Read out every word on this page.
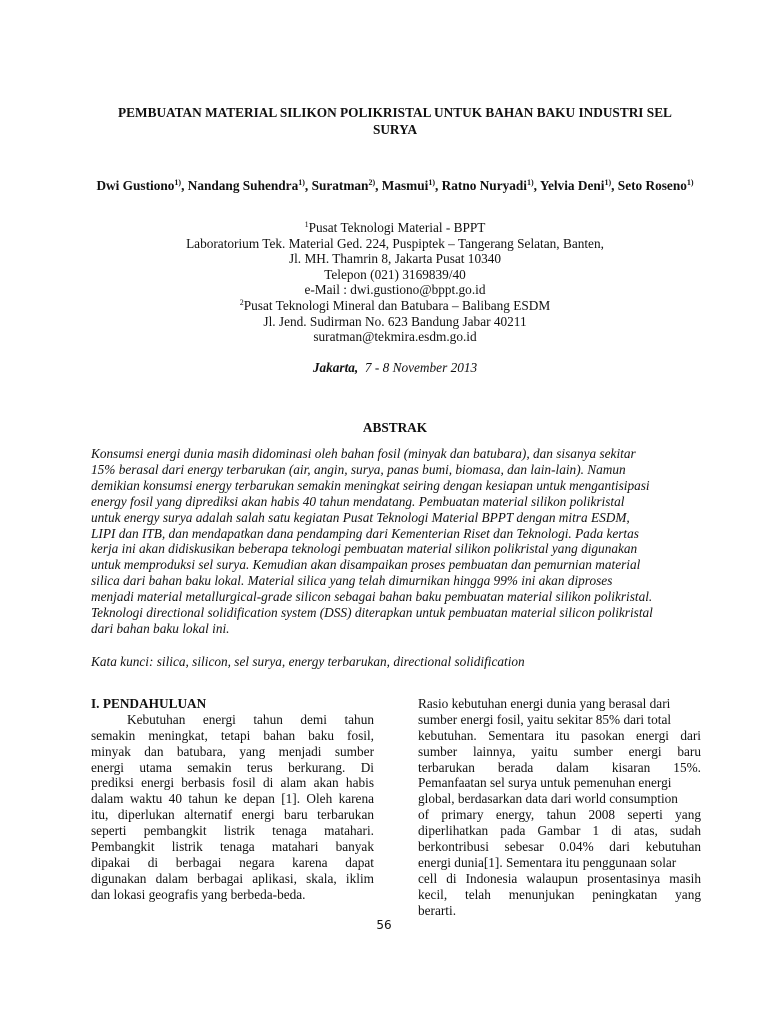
PEMBUATAN MATERIAL SILIKON POLIKRISTAL UNTUK BAHAN BAKU INDUSTRI SEL
SURYA
Dwi Gustiono$^{1)}$, Nandang Suhendra$^{1)}$, Suratman$^{2)}$, Masmui$^{1)}$, Ratno Nuryadi$^{1)}$, Yelvia Deni$^{1)}$, Seto Roseno$^{1)}$
$^1$Pusat Teknologi Material - BPPT
Laboratorium Tek. Material Ged. 224, Puspiptek – Tangerang Selatan, Banten,
Jl. MH. Thamrin 8, Jakarta Pusat 10340
Telepon (021) 3169839/40
e-Mail : dwi.gustiono@bppt.go.id
$^2$Pusat Teknologi Mineral dan Batubara – Balibang ESDM
Jl. Jend. Sudirman No. 623 Bandung Jabar 40211
suratman@tekmira.esdm.go.id
Jakarta, 7 - 8 November 2013
ABSTRAK
Konsumsi energi dunia masih didominasi oleh bahan fosil (minyak dan batubara), dan sisanya sekitar
15% berasal dari energy terbarukan (air, angin, surya, panas bumi, biomasa, dan lain-lain). Namun
demikian konsumsi energy terbarukan semakin meningkat seiring dengan kesiapan untuk mengantisipasi
energy fosil yang diprediksi akan habis 40 tahun mendatang. Pembuatan material silikon polikristal
untuk energy surya adalah salah satu kegiatan Pusat Teknologi Material BPPT dengan mitra ESDM,
LIPI dan ITB, dan mendapatkan dana pendamping dari Kementerian Riset dan Teknologi. Pada kertas
kerja ini akan didiskusikan beberapa teknologi pembuatan material silikon polikristal yang digunakan
untuk memproduksi sel surya. Kemudian akan disampaikan proses pembuatan dan pemurnian material
silica dari bahan baku lokal. Material silica yang telah dimurnikan hingga 99% ini akan diproses
menjadi material metallurgical-grade silicon sebagai bahan baku pembuatan material silikon polikristal.
Teknologi directional solidification system (DSS) diterapkan untuk pembuatan material silicon polikristal
dari bahan baku lokal ini.
Kata kunci: silica, silicon, sel surya, energy terbarukan, directional solidification
I. PENDAHULUAN
Kebutuhan energi tahun demi tahun
semakin meningkat, tetapi bahan baku fosil,
minyak dan batubara, yang menjadi sumber
energi utama semakin terus berkurang. Di
prediksi energi berbasis fosil di alam akan habis
dalam waktu 40 tahun ke depan [1]. Oleh karena
itu, diperlukan alternatif energi baru terbarukan
seperti pembangkit listrik tenaga matahari.
Pembangkit listrik tenaga matahari banyak
dipakai di berbagai negara karena dapat
digunakan dalam berbagai aplikasi, skala, iklim
dan lokasi geografis yang berbeda-beda.
Rasio kebutuhan energi dunia yang berasal dari
sumber energi fosil, yaitu sekitar 85% dari total
kebutuhan. Sementara itu pasokan energi dari
sumber lainnya, yaitu sumber energi baru
terbarukan berada dalam kisaran 15%.
Pemanfaatan sel surya untuk pemenuhan energi
global, berdasarkan data dari world consumption
of primary energy, tahun 2008 seperti yang
diperlihatkan pada Gambar 1 di atas, sudah
berkontribusi sebesar 0.04% dari kebutuhan
energi dunia[1]. Sementara itu penggunaan solar
cell di Indonesia walaupun prosentasinya masih
kecil, telah menunjukan peningkatan yang
berarti.
56
